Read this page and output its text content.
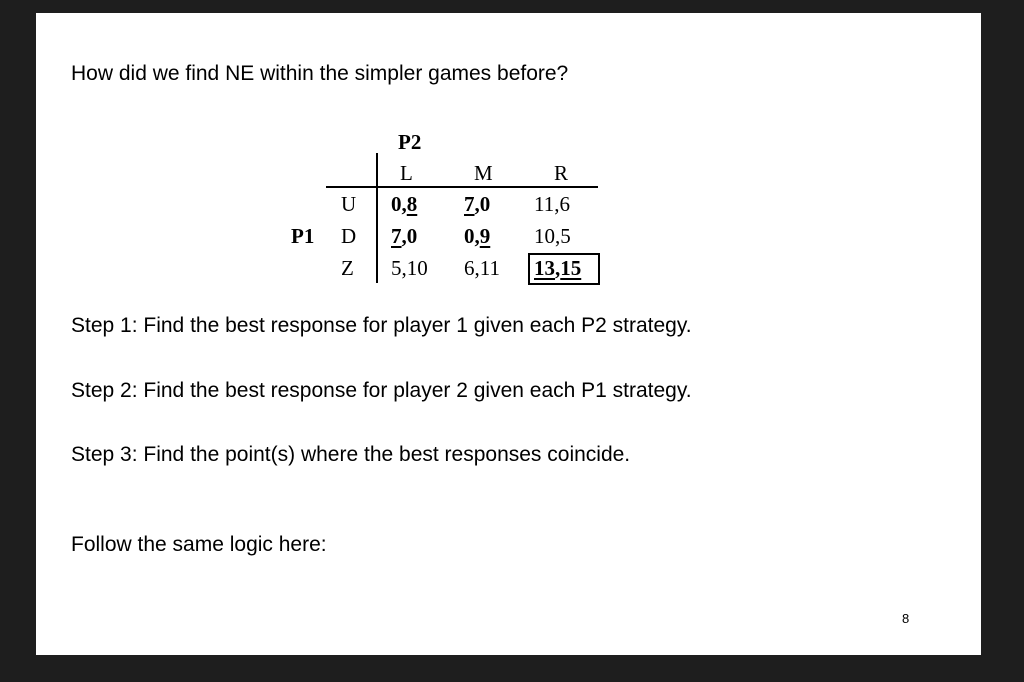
How did we find NE within the simpler games before?
P2
P1
L	M	R
U
D
Z
0,8 7,0 11,6
7,0 0,9 10,5
5,10 6,11 13,15
Step 1: Find the best response for player 1 given each P2 strategy.
Step 2: Find the best response for player 2 given each P1 strategy.
Step 3: Find the point(s) where the best responses coincide.
Follow the same logic here:
8
